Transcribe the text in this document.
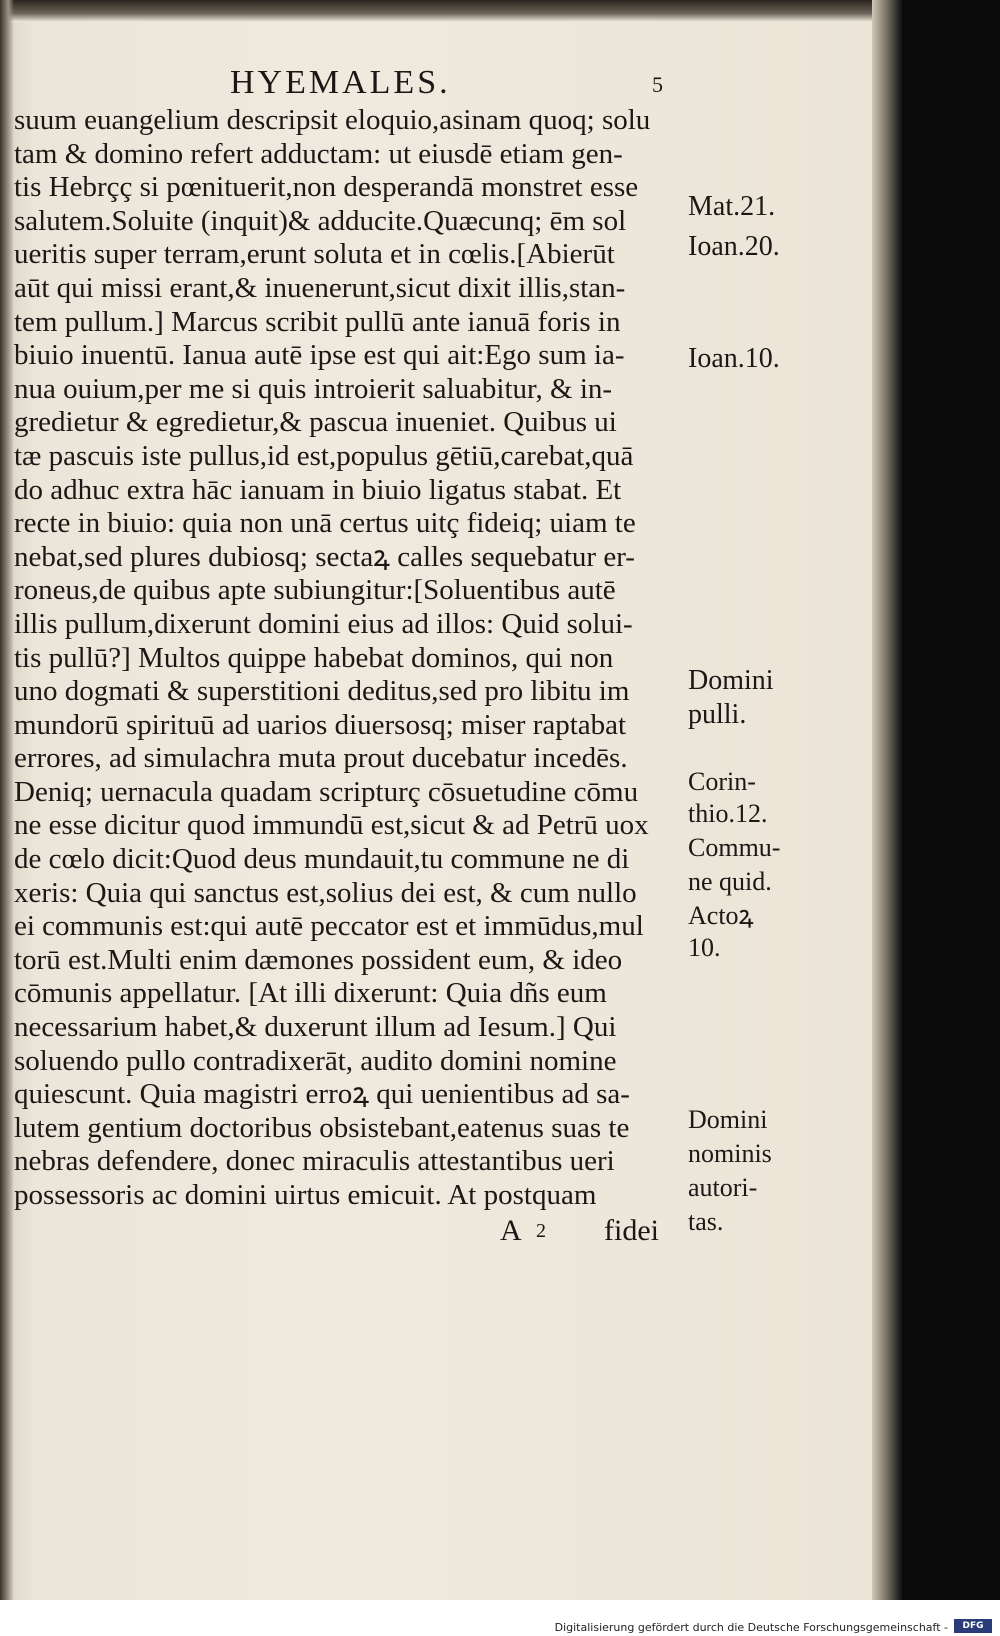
HYEMALES.	5
suum euangelium descripsit eloquio,asinam quoq; solu
tam & domino refert adductam: ut eiusdē etiam gen-
tis Hebrçç si pœnituerit,non desperandā monstret esse
salutem.Soluite (inquit)& adducite.Quæcunq; ēm sol
ueritis super terram,erunt soluta et in cœlis.[Abierūt
aūt qui missi erant,& inuenerunt,sicut dixit illis,stan-
tem pullum.] Marcus scribit pullū ante ianuā foris in
biuio inuentū. Ianua autē ipse est qui ait:Ego sum ia-
nua ouium,per me si quis introierit saluabitur, & in-
gredietur & egredietur,& pascua inueniet. Quibus ui
tæ pascuis iste pullus,id est,populus gētiū,carebat,quā
do adhuc extra hāc ianuam in biuio ligatus stabat. Et
recte in biuio: quia non unā certus uitç fideiq; uiam te
nebat,sed plures dubiosq; sectaꝝ calles sequebatur er-
roneus,de quibus apte subiungitur:[Soluentibus autē
illis pullum,dixerunt domini eius ad illos: Quid solui-
tis pullū?] Multos quippe habebat dominos, qui non
uno dogmati & superstitioni deditus,sed pro libitu im
mundorū spirituū ad uarios diuersosq; miser raptabat
errores, ad simulachra muta prout ducebatur incedēs.
Deniq; uernacula quadam scripturç cōsuetudine cōmu
ne esse dicitur quod immundū est,sicut & ad Petrū uox
de cœlo dicit:Quod deus mundauit,tu commune ne di
xeris: Quia qui sanctus est,solius dei est, & cum nullo
ei communis est:qui autē peccator est et immūdus,mul
torū est.Multi enim dæmones possident eum, & ideo
cōmunis appellatur. [At illi dixerunt: Quia dñs eum
necessarium habet,& duxerunt illum ad Iesum.] Qui
soluendo pullo contradixerāt, audito domini nomine
quiescunt. Quia magistri erroꝝ qui uenientibus ad sa-
lutem gentium doctoribus obsistebant,eatenus suas te
nebras defendere, donec miraculis attestantibus ueri
possessoris ac domini uirtus emicuit. At postquam
Mat.21.
Ioan.20.
Ioan.10.
Domini
pulli.
Corin-
thio.12.
Commu-
ne quid.
Actoꝝ
10.
Domini
nominis
autori-
tas.
A 2 fidei
Digitalisierung gefördert durch die Deutsche Forschungsgemeinschaft -	DFG
